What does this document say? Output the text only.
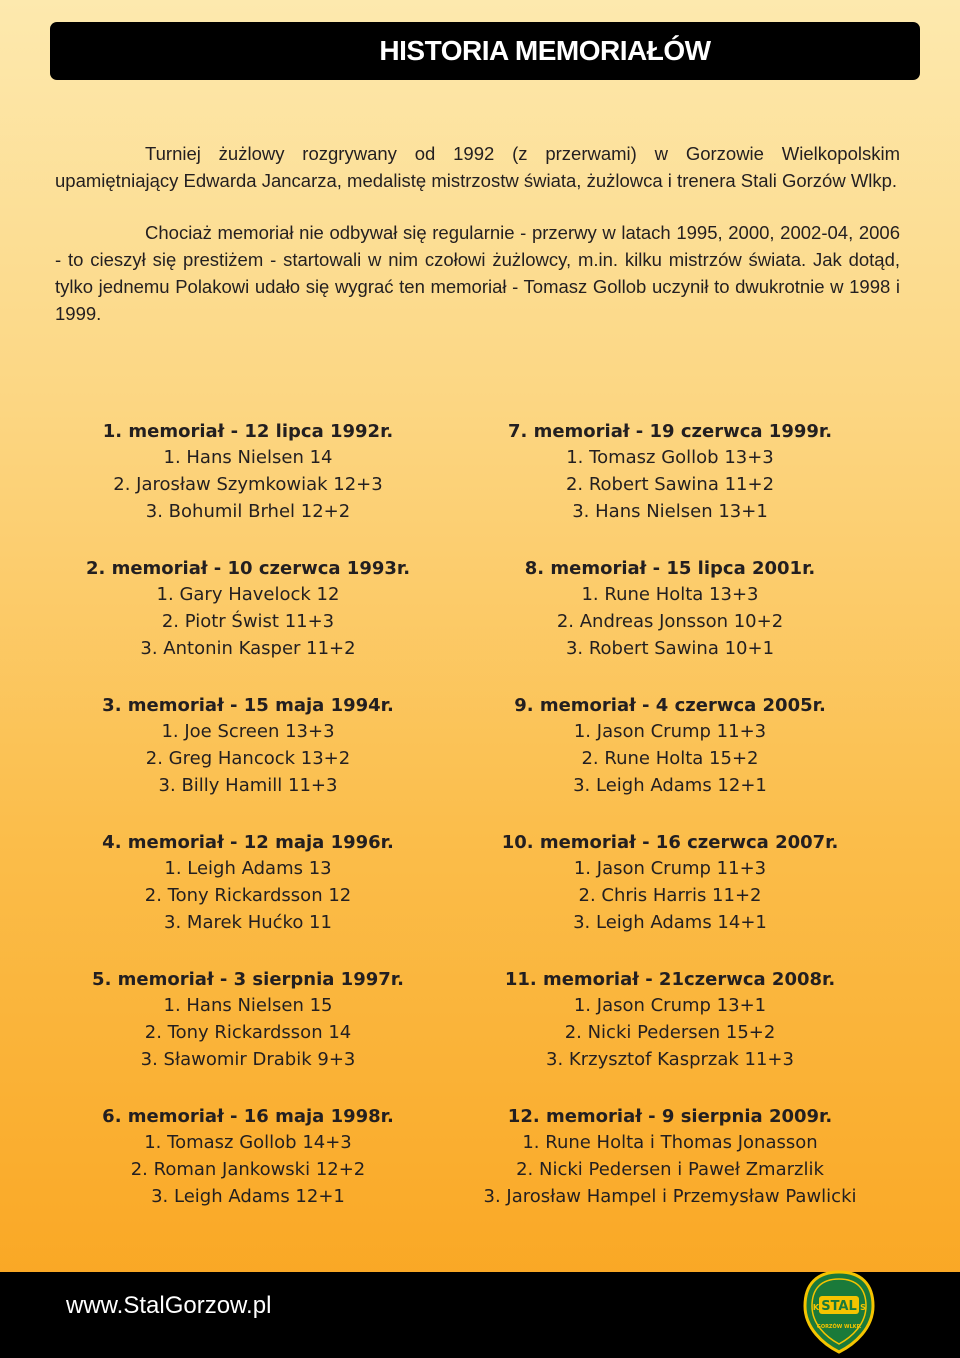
HISTORIA MEMORIAŁÓW

Turniej żużlowy rozgrywany od 1992 (z przerwami) w Gorzowie Wielkopolskim upamiętniający Edwarda Jancarza, medalistę mistrzostw świata, żużlowca i trenera Stali Gorzów Wlkp.

Chociaż memoriał nie odbywał się regularnie - przerwy w latach 1995, 2000, 2002-04, 2006 - to cieszył się prestiżem - startowali w nim czołowi żużlowcy, m.in. kilku mistrzów świata. Jak dotąd, tylko jednemu Polakowi udało się wygrać ten memoriał - Tomasz Gollob uczynił to dwukrotnie w 1998 i 1999.

1. memoriał - 12 lipca 1992r.
1. Hans Nielsen 14
2. Jarosław Szymkowiak 12+3
3. Bohumil Brhel 12+2
2. memoriał - 10 czerwca 1993r.
1. Gary Havelock 12
2. Piotr Świst 11+3
3. Antonin Kasper 11+2
3. memoriał - 15 maja 1994r.
1. Joe Screen 13+3
2. Greg Hancock 13+2
3. Billy Hamill 11+3
4. memoriał - 12 maja 1996r.
1. Leigh Adams 13
2. Tony Rickardsson 12
3. Marek Hućko 11
5. memoriał - 3 sierpnia 1997r.
1. Hans Nielsen 15
2. Tony Rickardsson 14
3. Sławomir Drabik 9+3
6. memoriał - 16 maja 1998r.
1. Tomasz Gollob 14+3
2. Roman Jankowski 12+2
3. Leigh Adams 12+1
7. memoriał - 19 czerwca 1999r.
1. Tomasz Gollob 13+3
2. Robert Sawina 11+2
3. Hans Nielsen 13+1
8. memoriał - 15 lipca 2001r.
1. Rune Holta 13+3
2. Andreas Jonsson 10+2
3. Robert Sawina 10+1
9. memoriał - 4 czerwca 2005r.
1. Jason Crump 11+3
2. Rune Holta 15+2
3. Leigh Adams 12+1
10. memoriał - 16 czerwca 2007r.
1. Jason Crump 11+3
2. Chris Harris 11+2
3. Leigh Adams 14+1
11. memoriał - 21czerwca 2008r.
1. Jason Crump 13+1
2. Nicki Pedersen 15+2
3. Krzysztof Kasprzak 11+3
12. memoriał - 9 sierpnia 2009r.
1. Rune Holta i Thomas Jonasson
2. Nicki Pedersen i Paweł Zmarzlik
3. Jarosław Hampel i Przemysław Pawlicki
www.StalGorzow.pl	STAL
K	S
GORZÓW WLKP.
